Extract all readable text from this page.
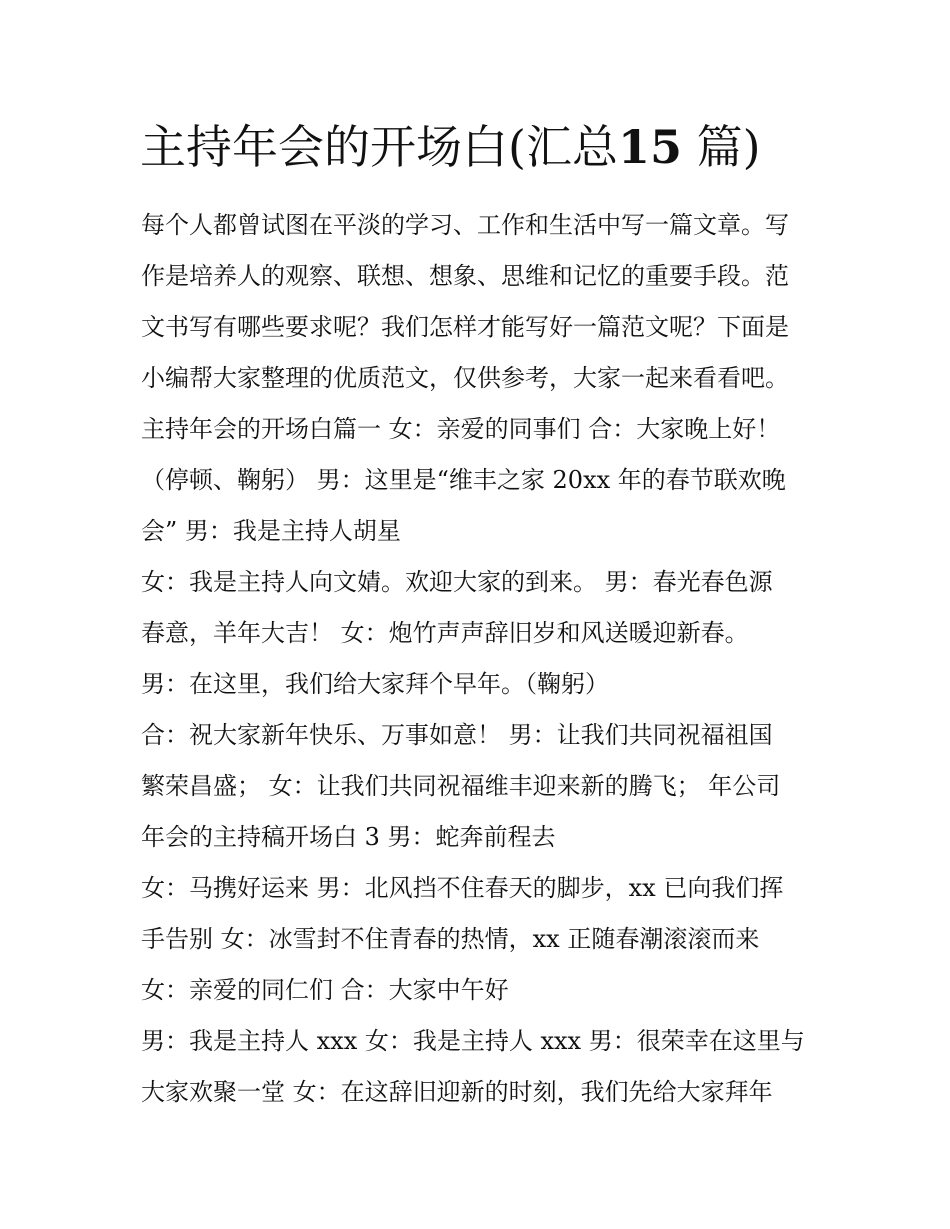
主持年会的开场白(汇总15 篇)
每个人都曾试图在平淡的学习、工作和生活中写一篇文章。写
作是培养人的观察、联想、想象、思维和记忆的重要手段。范
文书写有哪些要求呢？我们怎样才能写好一篇范文呢？下面是
小编帮大家整理的优质范文，仅供参考，大家一起来看看吧。
主持年会的开场白篇一 女：亲爱的同事们 合：大家晚上好！
（停顿、鞠躬） 男：这里是“维丰之家 20xx 年的春节联欢晚
会” 男：我是主持人胡星
女：我是主持人向文婧。欢迎大家的到来。 男：春光春色源
春意，羊年大吉！ 女：炮竹声声辞旧岁和风送暖迎新春。
男：在这里，我们给大家拜个早年。（鞠躬）
合：祝大家新年快乐、万事如意！ 男：让我们共同祝福祖国
繁荣昌盛； 女：让我们共同祝福维丰迎来新的腾飞； 年公司
年会的主持稿开场白 3 男：蛇奔前程去
女：马携好运来 男：北风挡不住春天的脚步，xx 已向我们挥
手告别 女：冰雪封不住青春的热情，xx 正随春潮滚滚而来
女：亲爱的同仁们 合：大家中午好
男：我是主持人 xxx 女：我是主持人 xxx 男：很荣幸在这里与
大家欢聚一堂 女：在这辞旧迎新的时刻，我们先给大家拜年
